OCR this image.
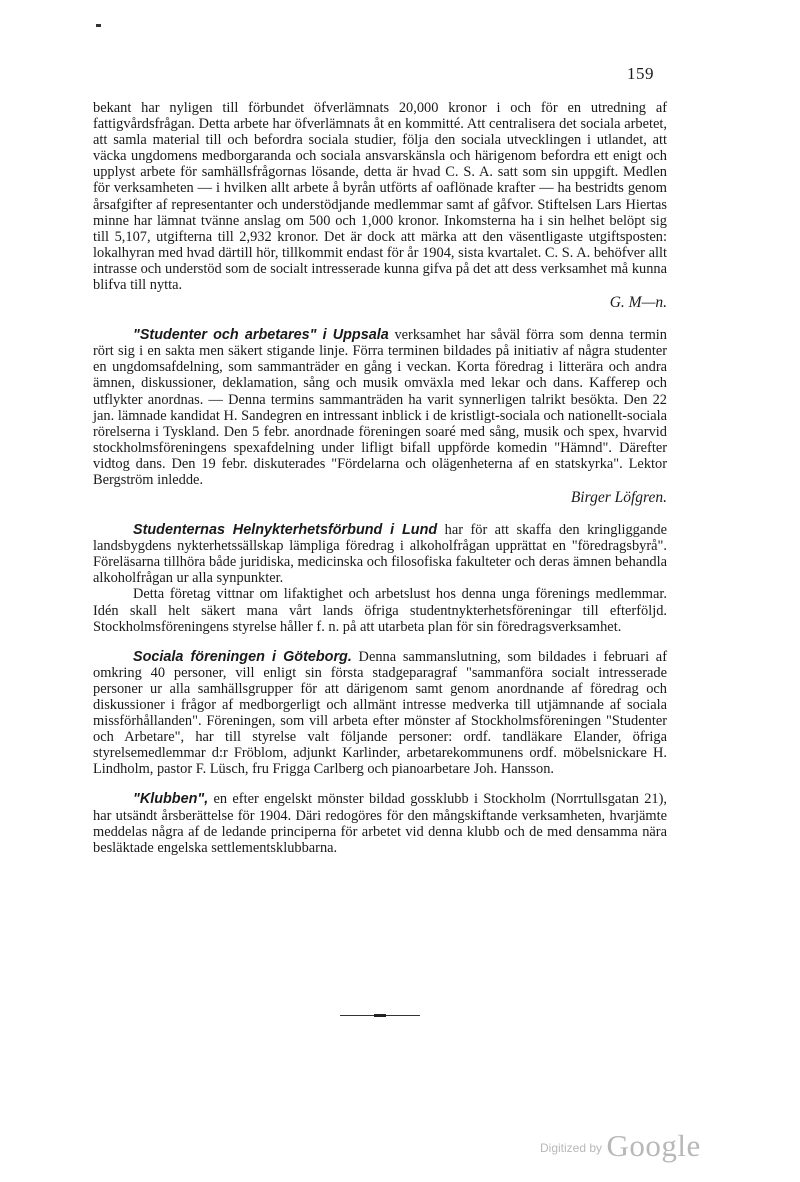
159

bekant har nyligen till förbundet öfverlämnats 20,000 kronor i och för en utredning af fattigvårdsfrågan. Detta arbete har öfverlämnats åt en kommitté. Att centralisera det sociala arbetet, att samla material till och befordra sociala studier, följa den sociala utvecklingen i utlandet, att väcka ungdomens medborgaranda och sociala ansvarskänsla och härigenom befordra ett enigt och upplyst arbete för samhällsfrågornas lösande, detta är hvad C. S. A. satt som sin uppgift. Medlen för verksamheten — i hvilken allt arbete å byrån utförts af oaflönade krafter — ha bestridts genom årsafgifter af representanter och understödjande medlemmar samt af gåfvor. Stiftelsen Lars Hiertas minne har lämnat tvänne anslag om 500 och 1,000 kronor. Inkomsterna ha i sin helhet belöpt sig till 5,107, utgifterna till 2,932 kronor. Det är dock att märka att den väsentligaste utgiftsposten: lokalhyran med hvad därtill hör, tillkommit endast för år 1904, sista kvartalet. C. S. A. behöfver allt intrasse och understöd som de socialt intresserade kunna gifva på det att dess verksamhet må kunna blifva till nytta.

G. M—n.

"Studenter och arbetares" i Uppsala verksamhet har såväl förra som denna termin rört sig i en sakta men säkert stigande linje. Förra terminen bildades på initiativ af några studenter en ungdomsafdelning, som sammanträder en gång i veckan. Korta föredrag i litterära och andra ämnen, diskussioner, deklamation, sång och musik omväxla med lekar och dans. Kafferep och utflykter anordnas. — Denna termins sammanträden ha varit synnerligen talrikt besökta. Den 22 jan. lämnade kandidat H. Sandegren en intressant inblick i de kristligt-sociala och nationellt-sociala rörelserna i Tyskland. Den 5 febr. anordnade föreningen soaré med sång, musik och spex, hvarvid stockholmsföreningens spexafdelning under lifligt bifall uppförde komedin "Hämnd". Därefter vidtog dans. Den 19 febr. diskuterades "Fördelarna och olägenheterna af en statskyrka". Lektor Bergström inledde.

Birger Löfgren.

Studenternas Helnykterhetsförbund i Lund har för att skaffa den kringliggande landsbygdens nykterhetssällskap lämpliga föredrag i alkoholfrågan upprättat en "föredragsbyrå". Föreläsarna tillhöra både juridiska, medicinska och filosofiska fakulteter och deras ämnen behandla alkoholfrågan ur alla synpunkter.

Detta företag vittnar om lifaktighet och arbetslust hos denna unga förenings medlemmar. Idén skall helt säkert mana vårt lands öfriga studentnykterhetsföreningar till efterföljd. Stockholmsföreningens styrelse håller f. n. på att utarbeta plan för sin föredragsverksamhet.

Sociala föreningen i Göteborg. Denna sammanslutning, som bildades i februari af omkring 40 personer, vill enligt sin första stadgeparagraf "sammanföra socialt intresserade personer ur alla samhällsgrupper för att därigenom samt genom anordnande af föredrag och diskussioner i frågor af medborgerligt och allmänt intresse medverka till utjämnande af sociala missförhållanden". Föreningen, som vill arbeta efter mönster af Stockholmsföreningen "Studenter och Arbetare", har till styrelse valt följande personer: ordf. tandläkare Elander, öfriga styrelsemedlemmar d:r Fröblom, adjunkt Karlinder, arbetarekommunens ordf. möbelsnickare H. Lindholm, pastor F. Lüsch, fru Frigga Carlberg och pianoarbetare Joh. Hansson.

"Klubben", en efter engelskt mönster bildad gossklubb i Stockholm (Norrtullsgatan 21), har utsändt årsberättelse för 1904. Däri redogöres för den mångskiftande verksamheten, hvarjämte meddelas några af de ledande principerna för arbetet vid denna klubb och de med densamma nära besläktade engelska settlementsklubbarna.

$^{Digitized by}$ Google
